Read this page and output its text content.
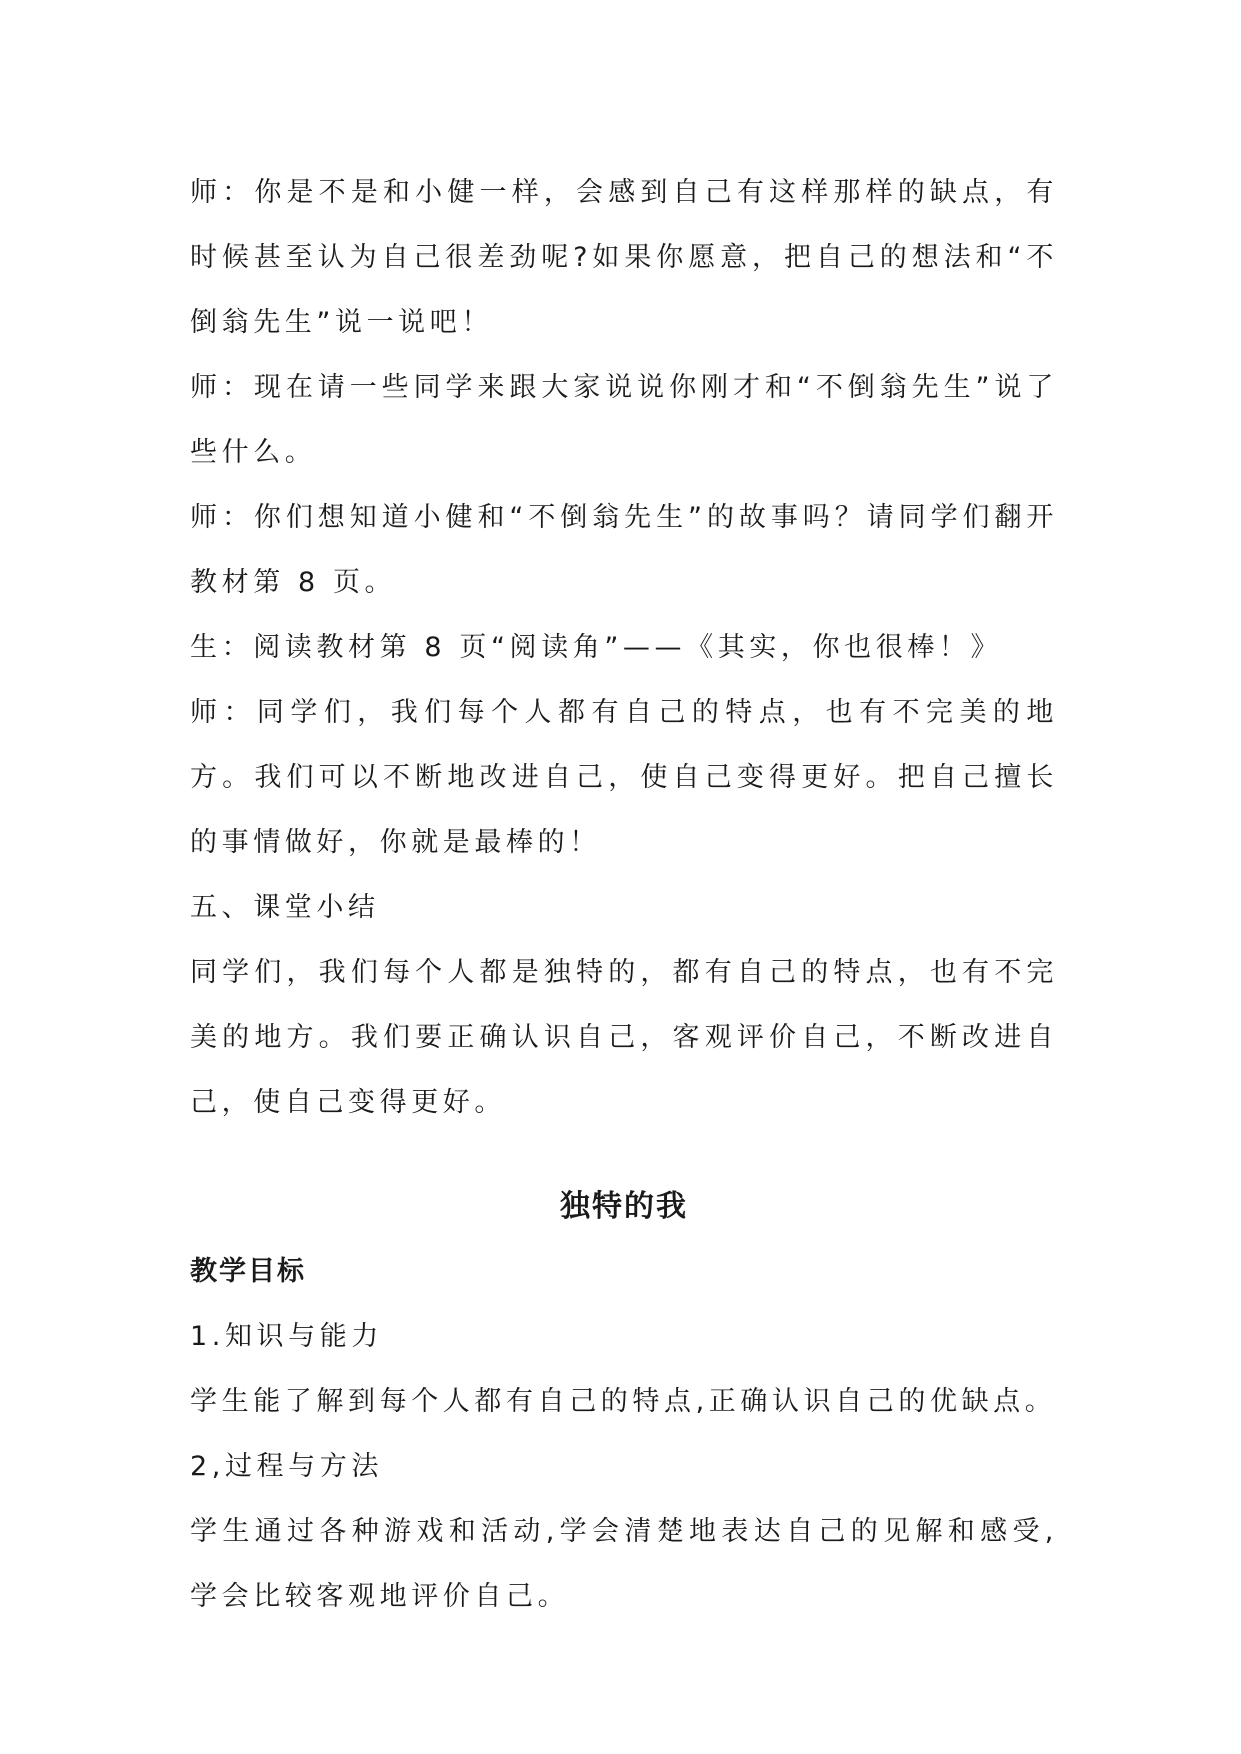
师：你是不是和小健一样，会感到自己有这样那样的缺点，有时候甚至认为自己很差劲呢?如果你愿意，把自己的想法和“不倒翁先生”说一说吧！

师：现在请一些同学来跟大家说说你刚才和“不倒翁先生”说了些什么。

师：你们想知道小健和“不倒翁先生”的故事吗？请同学们翻开教材第 8 页。

生：阅读教材第 8 页“阅读角”——《其实，你也很棒！》

师：同学们，我们每个人都有自己的特点，也有不完美的地方。我们可以不断地改进自己，使自己变得更好。把自己擅长的事情做好，你就是最棒的！

五、课堂小结

同学们，我们每个人都是独特的，都有自己的特点，也有不完美的地方。我们要正确认识自己，客观评价自己，不断改进自己，使自己变得更好。

独特的我

教学目标

1.知识与能力

学生能了解到每个人都有自己的特点,正确认识自己的优缺点。

2,过程与方法

学生通过各种游戏和活动,学会清楚地表达自己的见解和感受,学会比较客观地评价自己。
